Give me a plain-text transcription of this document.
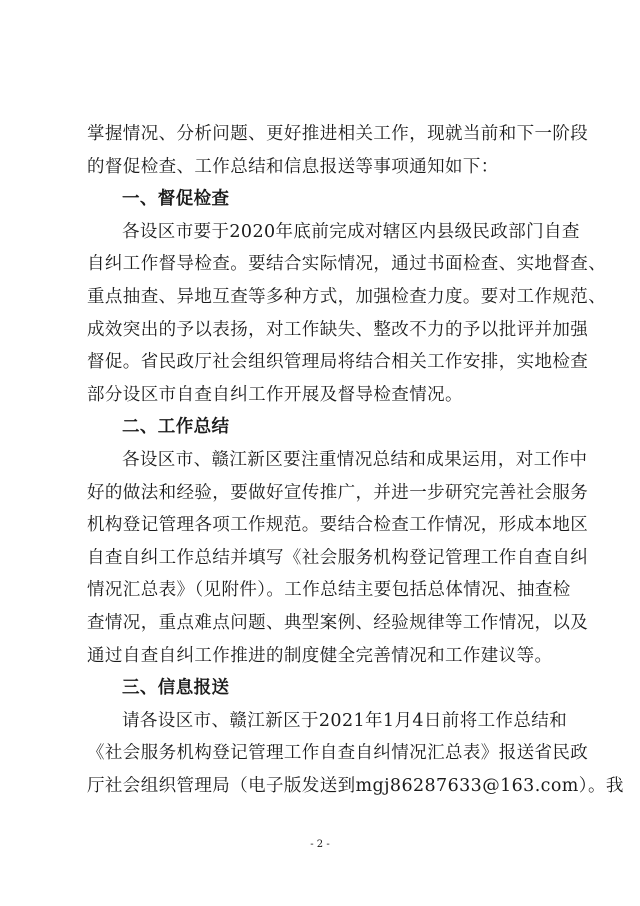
掌握情况、分析问题、更好推进相关工作，现就当前和下一阶段
的督促检查、工作总结和信息报送等事项通知如下：
一、督促检查
各设区市要于2020年底前完成对辖区内县级民政部门自查
自纠工作督导检查。要结合实际情况，通过书面检查、实地督查、
重点抽查、异地互查等多种方式，加强检查力度。要对工作规范、
成效突出的予以表扬，对工作缺失、整改不力的予以批评并加强
督促。省民政厅社会组织管理局将结合相关工作安排，实地检查
部分设区市自查自纠工作开展及督导检查情况。
二、工作总结
各设区市、赣江新区要注重情况总结和成果运用，对工作中
好的做法和经验，要做好宣传推广，并进一步研究完善社会服务
机构登记管理各项工作规范。要结合检查工作情况，形成本地区
自查自纠工作总结并填写《社会服务机构登记管理工作自查自纠
情况汇总表》（见附件）。工作总结主要包括总体情况、抽查检
查情况，重点难点问题、典型案例、经验规律等工作情况，以及
通过自查自纠工作推进的制度健全完善情况和工作建议等。
三、信息报送
请各设区市、赣江新区于2021年1月4日前将工作总结和
《社会服务机构登记管理工作自查自纠情况汇总表》报送省民政
厅社会组织管理局（电子版发送到mgj86287633@163.com）。我
- 2 -
